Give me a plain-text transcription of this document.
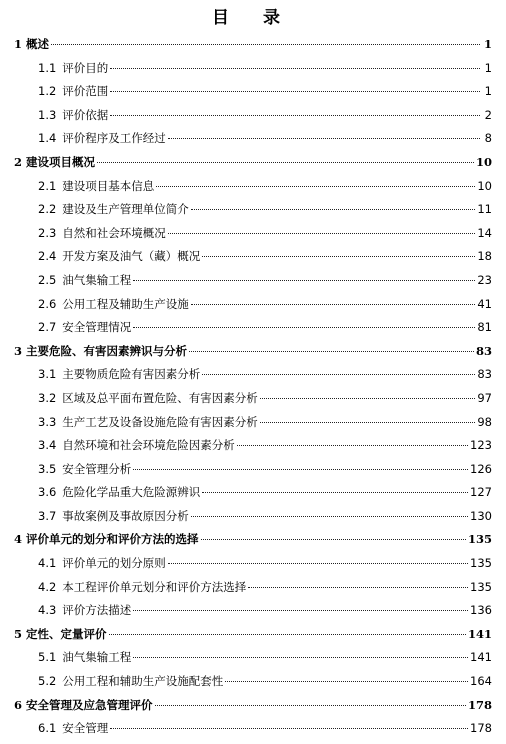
目 录
1 概述	1
1.1 评价目的	1
1.2 评价范围	1
1.3 评价依据	2
1.4 评价程序及工作经过	8
2 建设项目概况	10
2.1 建设项目基本信息	10
2.2 建设及生产管理单位简介	11
2.3 自然和社会环境概况	14
2.4 开发方案及油气（藏）概况	18
2.5 油气集输工程	23
2.6 公用工程及辅助生产设施	41
2.7 安全管理情况	81
3 主要危险、有害因素辨识与分析	83
3.1 主要物质危险有害因素分析	83
3.2 区域及总平面布置危险、有害因素分析	97
3.3 生产工艺及设备设施危险有害因素分析	98
3.4 自然环境和社会环境危险因素分析	123
3.5 安全管理分析	126
3.6 危险化学品重大危险源辨识	127
3.7 事故案例及事故原因分析	130
4 评价单元的划分和评价方法的选择	135
4.1 评价单元的划分原则	135
4.2 本工程评价单元划分和评价方法选择	135
4.3 评价方法描述	136
5 定性、定量评价	141
5.1 油气集输工程	141
5.2 公用工程和辅助生产设施配套性	164
6 安全管理及应急管理评价	178
6.1 安全管理	178
